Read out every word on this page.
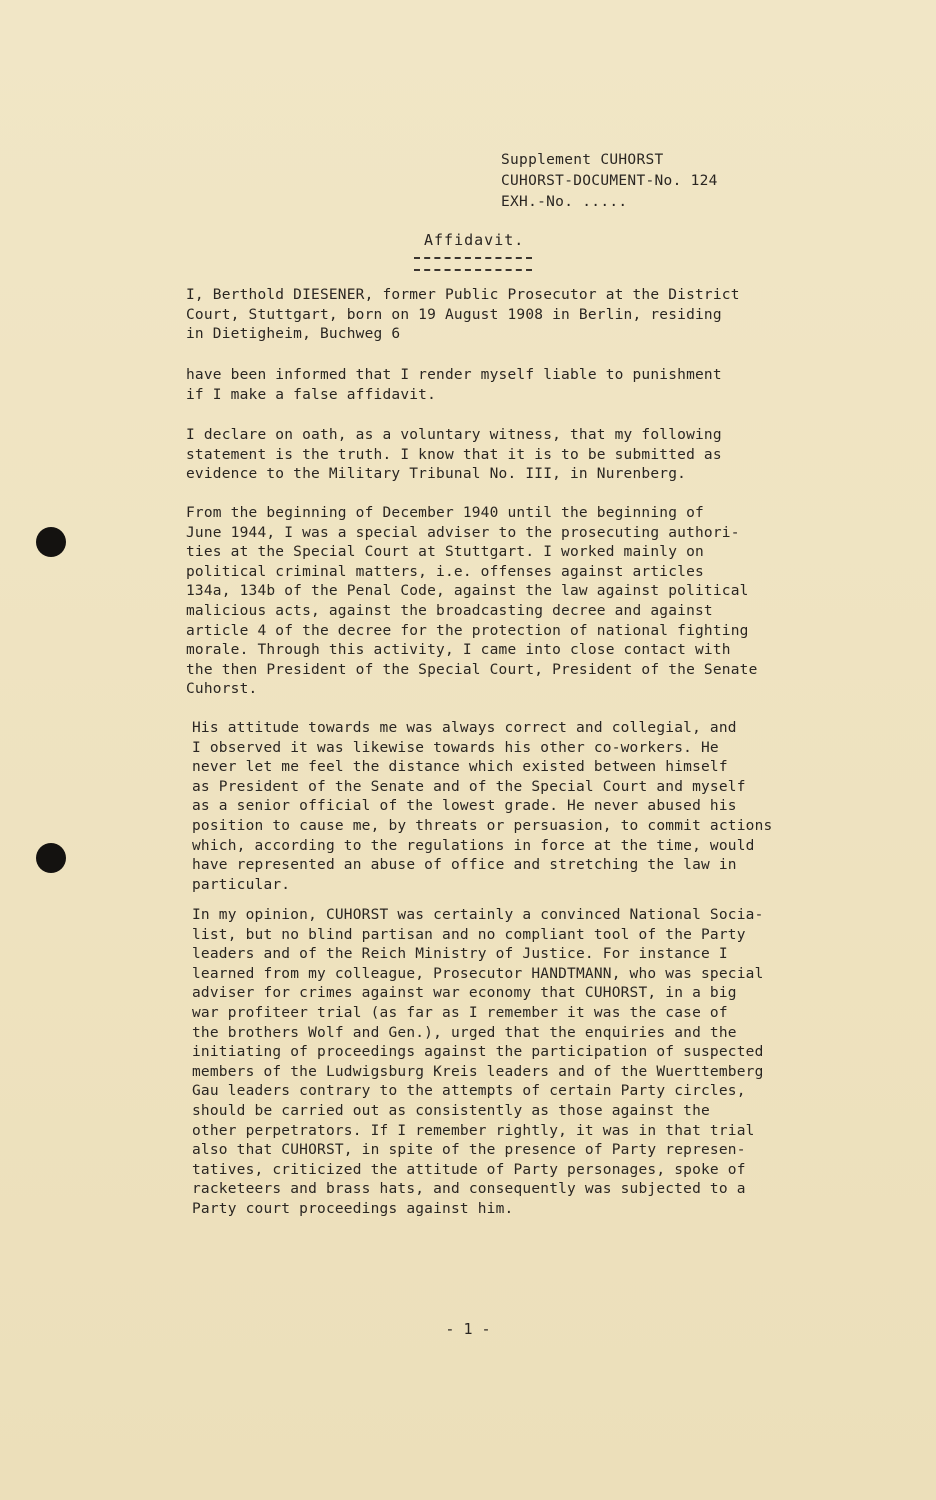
Supplement CUHORST
CUHORST-DOCUMENT-No. 124
EXH.-No. .....
Affidavit.
I, Berthold DIESENER, former Public Prosecutor at the District
Court, Stuttgart, born on 19 August 1908 in Berlin, residing
in Dietigheim, Buchweg 6
have been informed that I render myself liable to punishment
if I make a false affidavit.
I declare on oath, as a voluntary witness, that my following
statement is the truth. I know that it is to be submitted as
evidence to the Military Tribunal No. III, in Nurenberg.
From the beginning of December 1940 until the beginning of
June 1944, I was a special adviser to the prosecuting authori-
ties at the Special Court at Stuttgart. I worked mainly on
political criminal matters, i.e. offenses against articles
134a, 134b of the Penal Code, against the law against political
malicious acts, against the broadcasting decree and against
article 4 of the decree for the protection of national fighting
morale. Through this activity, I came into close contact with
the then President of the Special Court, President of the Senate
Cuhorst.
His attitude towards me was always correct and collegial, and
I observed it was likewise towards his other co-workers. He
never let me feel the distance which existed between himself
as President of the Senate and of the Special Court and myself
as a senior official of the lowest grade. He never abused his
position to cause me, by threats or persuasion, to commit actions
which, according to the regulations in force at the time, would
have represented an abuse of office and stretching the law in
particular.
In my opinion, CUHORST was certainly a convinced National Socia-
list, but no blind partisan and no compliant tool of the Party
leaders and of the Reich Ministry of Justice. For instance I
learned from my colleague, Prosecutor HANDTMANN, who was special
adviser for crimes against war economy that CUHORST, in a big
war profiteer trial (as far as I remember it was the case of
the brothers Wolf and Gen.), urged that the enquiries and the
initiating of proceedings against the participation of suspected
members of the Ludwigsburg Kreis leaders and of the Wuerttemberg
Gau leaders contrary to the attempts of certain Party circles,
should be carried out as consistently as those against the
other perpetrators. If I remember rightly, it was in that trial
also that CUHORST, in spite of the presence of Party represen-
tatives, criticized the attitude of Party personages, spoke of
racketeers and brass hats, and consequently was subjected to a
Party court proceedings against him.
- 1 -
